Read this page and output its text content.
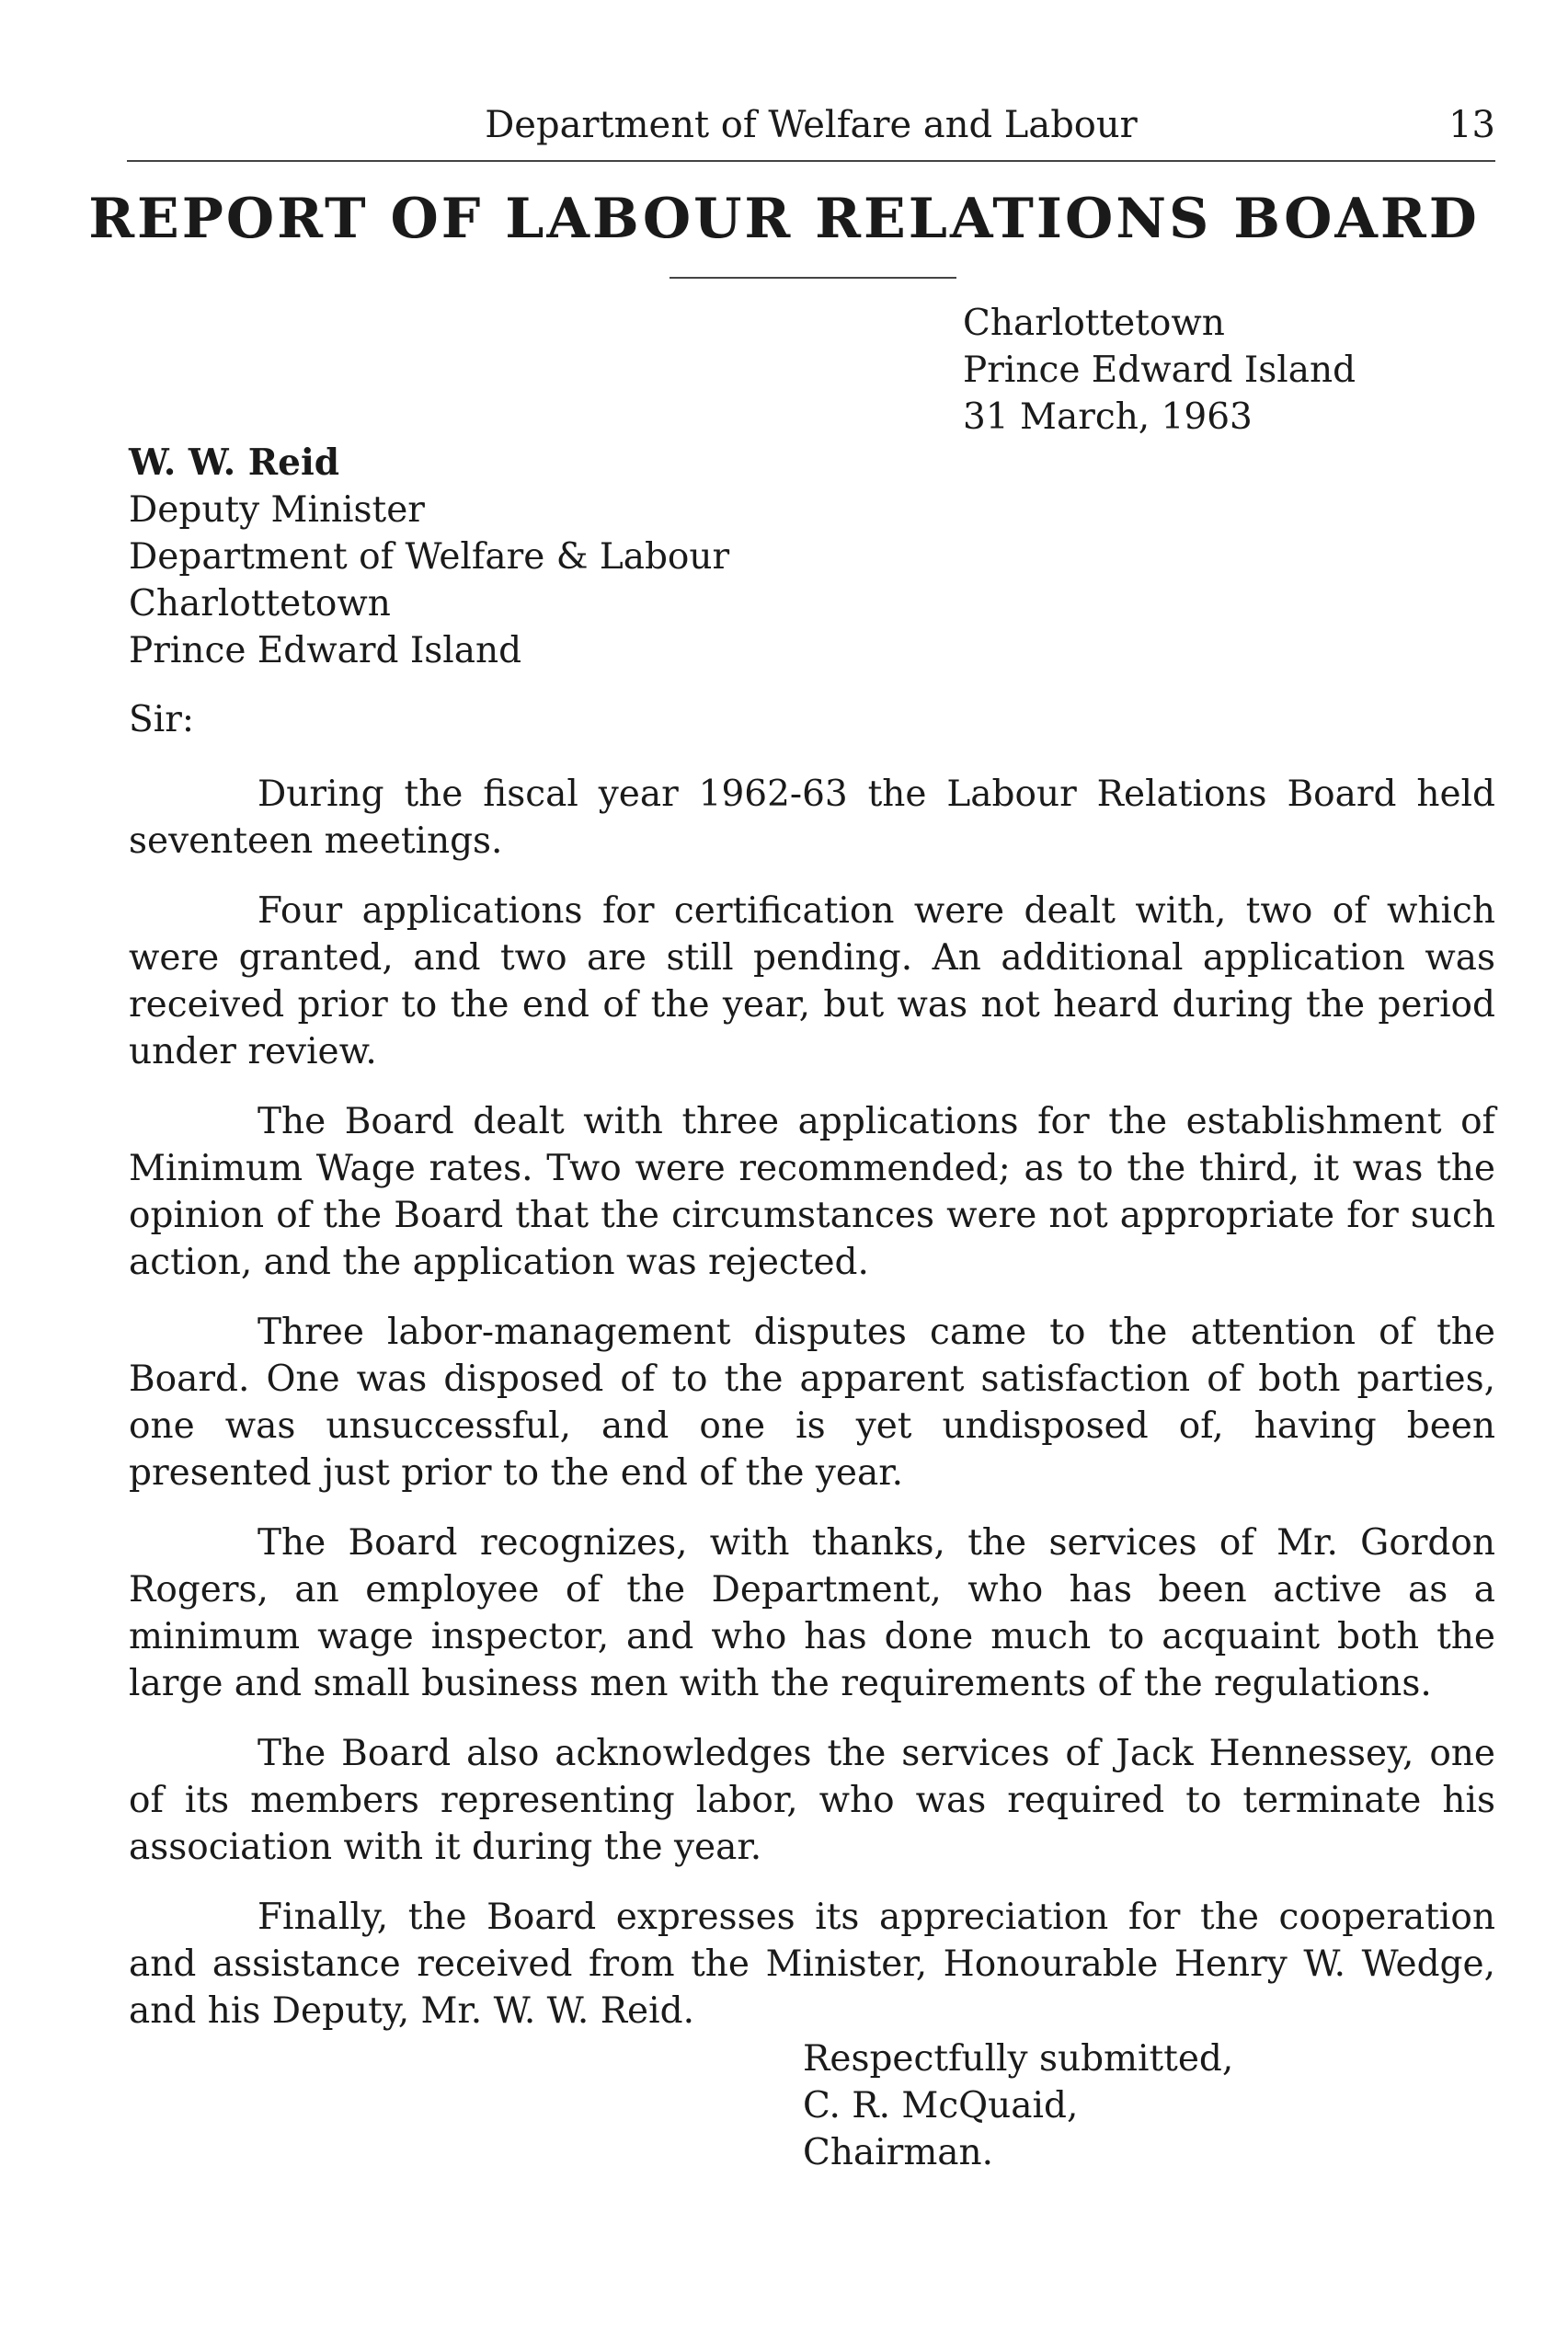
Department of Welfare and Labour	13
REPORT OF LABOUR RELATIONS BOARD
Charlottetown
Prince Edward Island
31 March, 1963
W. W. Reid
Deputy Minister
Department of Welfare & Labour
Charlottetown
Prince Edward Island
Sir:

During the fiscal year 1962-63 the Labour Relations Board held seventeen meetings.

Four applications for certification were dealt with, two of which were granted, and two are still pending. An additional application was received prior to the end of the year, but was not heard during the period under review.

The Board dealt with three applications for the establishment of Minimum Wage rates. Two were recommended; as to the third, it was the opinion of the Board that the circumstances were not appropriate for such action, and the application was rejected.

Three labor-management disputes came to the attention of the Board. One was disposed of to the apparent satisfaction of both parties, one was unsuccessful, and one is yet undisposed of, having been presented just prior to the end of the year.

The Board recognizes, with thanks, the services of Mr. Gordon Rogers, an employee of the Department, who has been active as a minimum wage inspector, and who has done much to acquaint both the large and small business men with the requirements of the regulations.

The Board also acknowledges the services of Jack Hennessey, one of its members representing labor, who was required to terminate his association with it during the year.

Finally, the Board expresses its appreciation for the cooperation and assistance received from the Minister, Honourable Henry W. Wedge, and his Deputy, Mr. W. W. Reid.

Respectfully submitted,
C. R. McQuaid,
Chairman.
